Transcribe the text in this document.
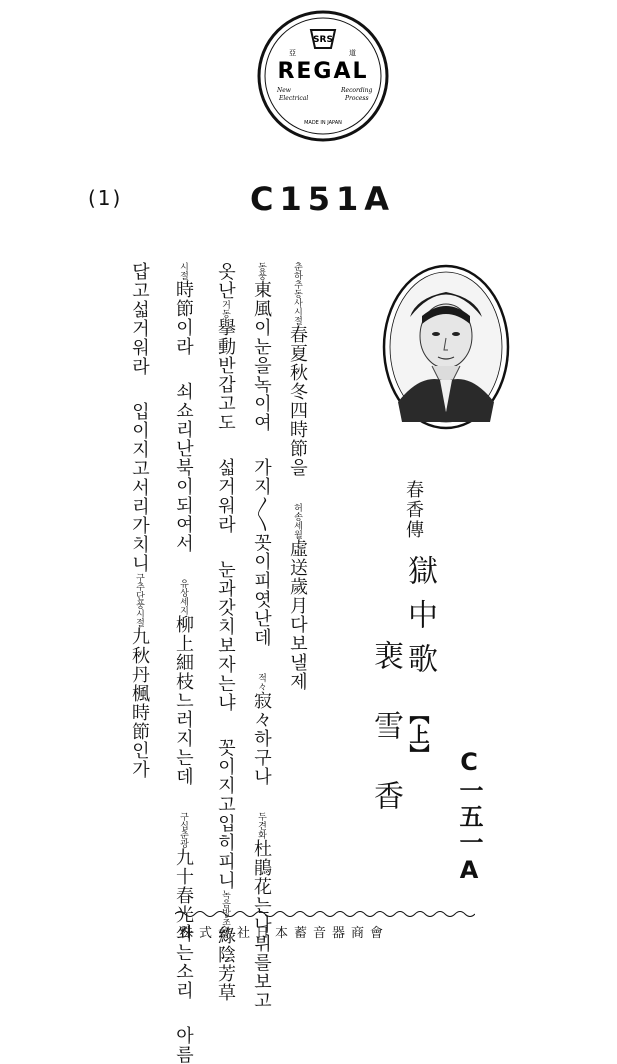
SRS
亞	道
REGAL
New
Electrical
Recording
Process
MADE IN JAPAN
(1)	C151A
춘하추동사시절春夏秋冬四時節을허송세월虛送歲月다보낼제
동풍東風이눈을녹이여가지〱꼿이피엿난데적々寂々하구나두견화杜鵑花는나뷔를보고
옷난거동擧動반갑고도섧거워라눈과갓치보자는냐꼿이지고입히피니녹음방초綠陰芳草
시절時節이라쇠쇼리난북이되여서유상세지柳上細枝느러지는데구십춘광九十春光쏴는소리아름
답고섧거워라입이지고서리가치니구추단풍시절九秋丹楓時節인가
春香傳
獄中歌
【上】
裵雪香 C一五一A
株式會社日本蓄音器商會
